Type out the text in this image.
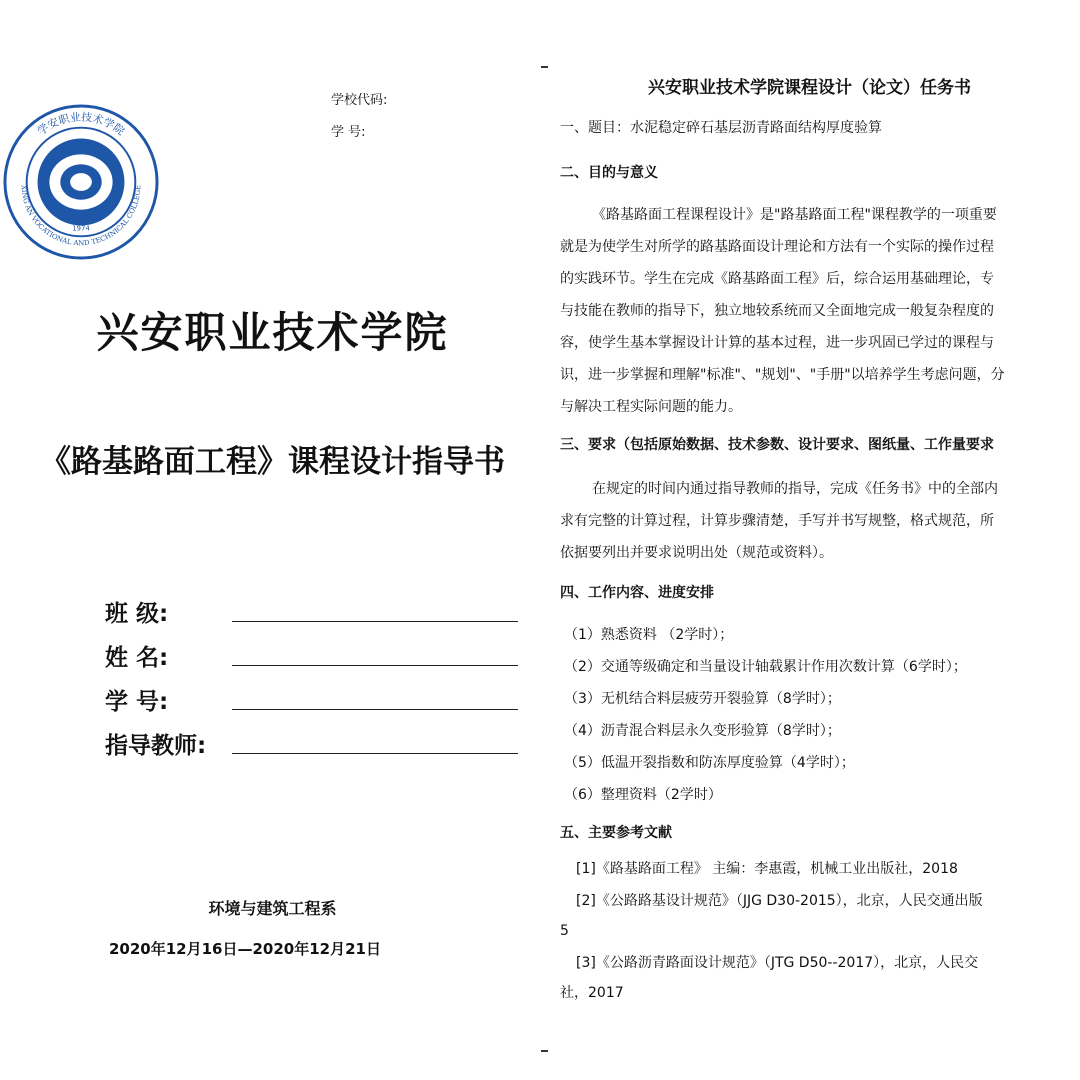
1974
学安职业技术学院
XING AN VOCATIONAL AND TECHNICAL COLLEGE
学校代码:
学 号:
兴安职业技术学院
《路基路面工程》课程设计指导书
班 级:
姓 名:
学 号:
指导教师:
环境与建筑工程系
2020年12月16日—2020年12月21日
兴安职业技术学院课程设计（论文）任务书
一、题目：水泥稳定碎石基层沥青路面结构厚度验算
二、目的与意义
《路基路面工程课程设计》是"路基路面工程"课程教学的一项重要
就是为使学生对所学的路基路面设计理论和方法有一个实际的操作过程
的实践环节。学生在完成《路基路面工程》后，综合运用基础理论，专
与技能在教师的指导下，独立地较系统而又全面地完成一般复杂程度的
容，使学生基本掌握设计计算的基本过程，进一步巩固已学过的课程与
识，进一步掌握和理解"标准"、"规划"、"手册"以培养学生考虑问题，分
与解决工程实际问题的能力。
三、要求（包括原始数据、技术参数、设计要求、图纸量、工作量要求
在规定的时间内通过指导教师的指导，完成《任务书》中的全部内
求有完整的计算过程，计算步骤清楚，手写并书写规整，格式规范，所
依据要列出并要求说明出处（规范或资料）。
四、工作内容、进度安排
（1）熟悉资料 （2学时）；
（2）交通等级确定和当量设计轴载累计作用次数计算（6学时）；
（3）无机结合料层疲劳开裂验算（8学时）；
（4）沥青混合料层永久变形验算（8学时）；
（5）低温开裂指数和防冻厚度验算（4学时）；
（6）整理资料（2学时）
五、主要参考文献
[1]《路基路面工程》 主编：李惠霞，机械工业出版社，2018
[2]《公路路基设计规范》（JJG D30-2015），北京，人民交通出版
5
[3]《公路沥青路面设计规范》（JTG D50--2017），北京，人民交
社，2017
